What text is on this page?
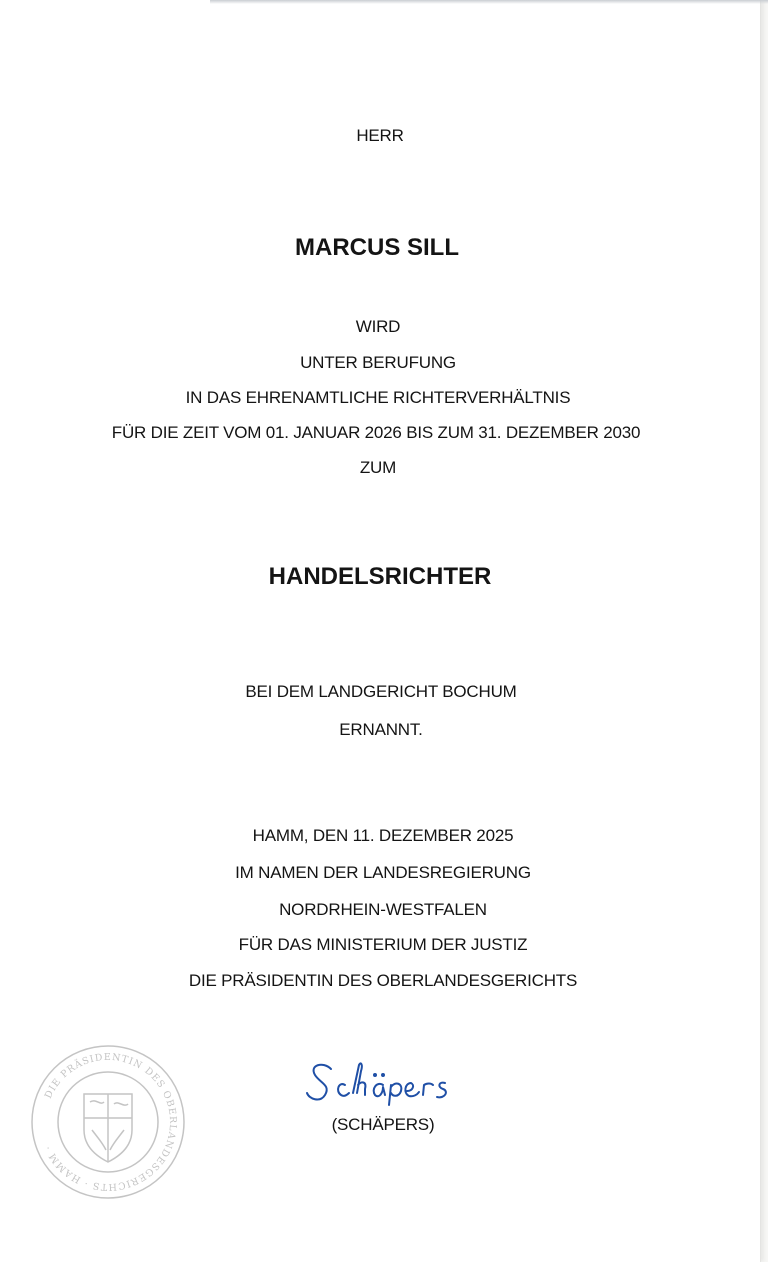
HERR
MARCUS SILL
WIRD
UNTER BERUFUNG
IN DAS EHRENAMTLICHE RICHTERVERHÄLTNIS
FÜR DIE ZEIT VOM 01. JANUAR 2026 BIS ZUM 31. DEZEMBER 2030
ZUM
HANDELSRICHTER
BEI DEM LANDGERICHT BOCHUM
ERNANNT.
HAMM, DEN 11. DEZEMBER 2025
IM NAMEN DER LANDESREGIERUNG
NORDRHEIN-WESTFALEN
FÜR DAS MINISTERIUM DER JUSTIZ
DIE PRÄSIDENTIN DES OBERLANDESGERICHTS
(SCHÄPERS)
DIE PRÄSIDENTIN DES OBERLANDESGERICHTS · HAMM ·
